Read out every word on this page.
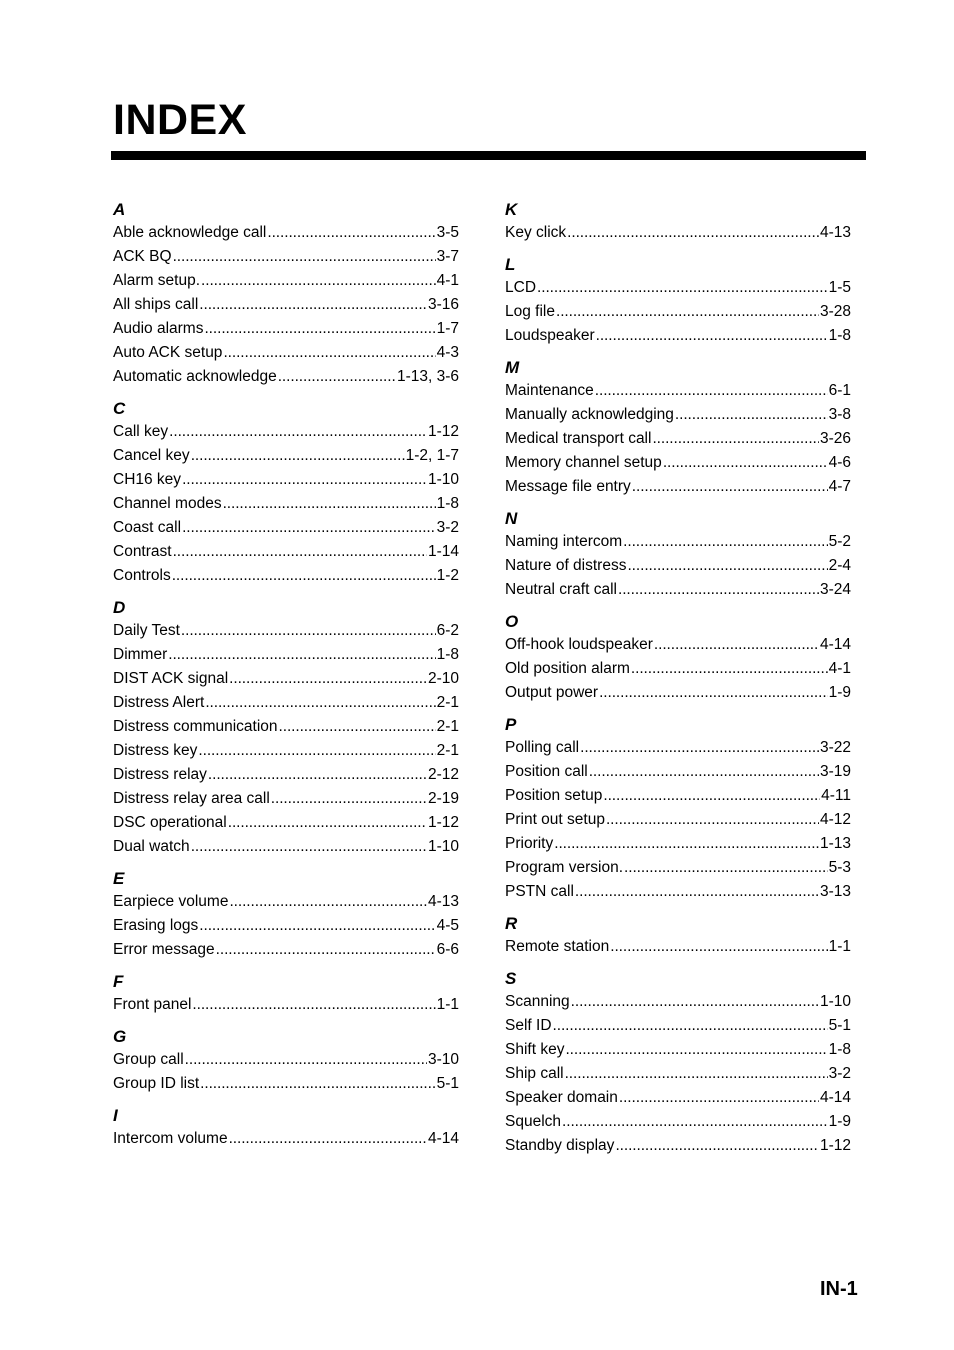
INDEX
A
Able acknowledge call . . .	3-5
ACK BQ . . .	3-7
Alarm setup. . . .	4-1
All ships call . . .	3-16
Audio alarms . . .	1-7
Auto ACK setup . . .	4-3
Automatic acknowledge . . .	1-13, 3-6
C
Call key . . .	1-12
Cancel key . . .	1-2, 1-7
CH16 key . . .	1-10
Channel modes . . .	1-8
Coast call . . .	3-2
Contrast . . .	1-14
Controls . . .	1-2
D
Daily Test . . .	6-2
Dimmer . . .	1-8
DIST ACK signal . . .	2-10
Distress Alert . . .	2-1
Distress communication . . .	2-1
Distress key . . .	2-1
Distress relay . . .	2-12
Distress relay area call . . .	2-19
DSC operational . . .	1-12
Dual watch . . .	1-10
E
Earpiece volume . . .	4-13
Erasing logs . . .	4-5
Error message . . .	6-6
F
Front panel . . .	1-1
G
Group call . . .	3-10
Group ID list . . .	5-1
I
Intercom volume . . .	4-14
K
Key click . . .	4-13
L
LCD . . .	1-5
Log file . . .	3-28
Loudspeaker . . .	1-8
M
Maintenance . . .	6-1
Manually acknowledging . . .	3-8
Medical transport call . . .	3-26
Memory channel setup . . .	4-6
Message file entry . . .	4-7
N
Naming intercom . . .	5-2
Nature of distress . . .	2-4
Neutral craft call . . .	3-24
O
Off-hook loudspeaker . . .	4-14
Old position alarm . . .	4-1
Output power . . .	1-9
P
Polling call . . .	3-22
Position call . . .	3-19
Position setup . . .	4-11
Print out setup . . .	4-12
Priority . . .	1-13
Program version. . . .	5-3
PSTN call . . .	3-13
R
Remote station . . .	1-1
S
Scanning . . .	1-10
Self ID . . .	5-1
Shift key . . .	1-8
Ship call . . .	3-2
Speaker domain . . .	4-14
Squelch . . .	1-9
Standby display . . .	1-12
IN-1
